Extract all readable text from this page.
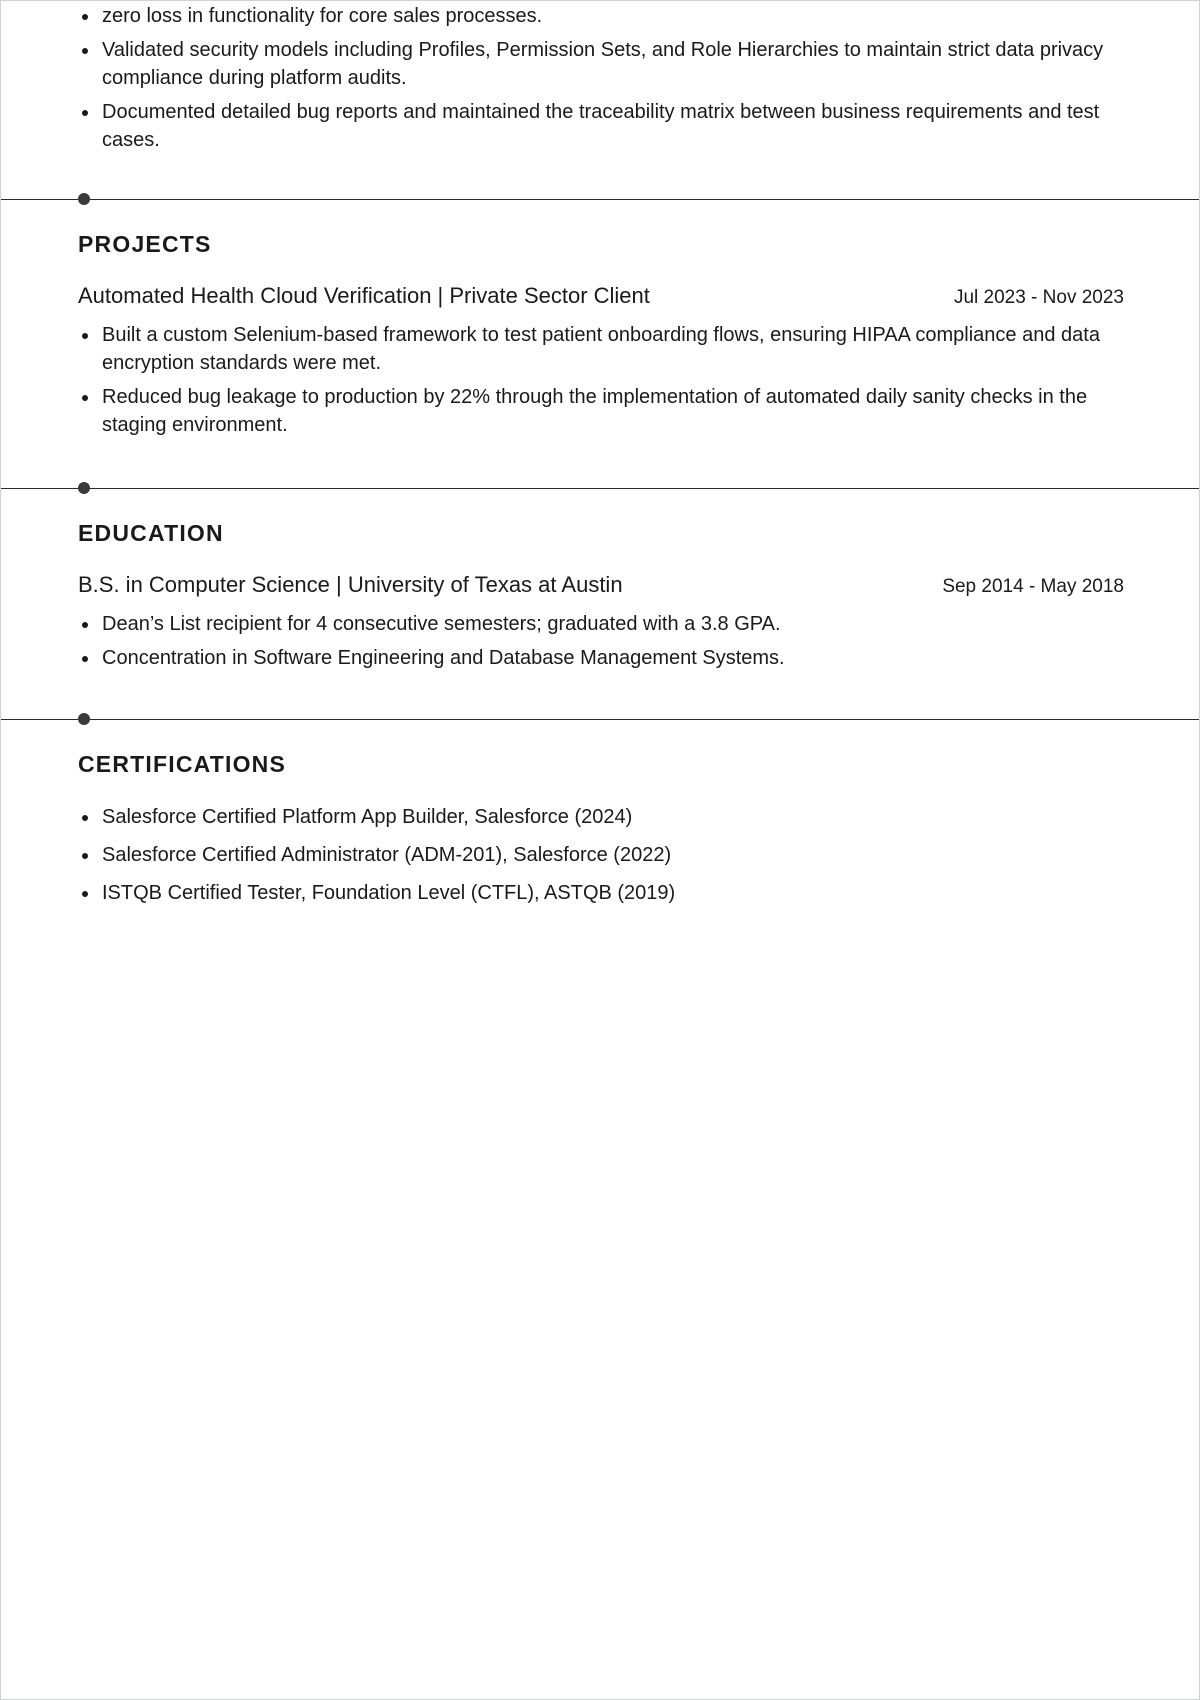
zero loss in functionality for core sales processes.
Validated security models including Profiles, Permission Sets, and Role Hierarchies to maintain strict data privacy compliance during platform audits.
Documented detailed bug reports and maintained the traceability matrix between business requirements and test cases.
PROJECTS
Automated Health Cloud Verification | Private Sector Client	Jul 2023 - Nov 2023
Built a custom Selenium-based framework to test patient onboarding flows, ensuring HIPAA compliance and data encryption standards were met.
Reduced bug leakage to production by 22% through the implementation of automated daily sanity checks in the staging environment.
EDUCATION
B.S. in Computer Science | University of Texas at Austin	Sep 2014 - May 2018
Dean’s List recipient for 4 consecutive semesters; graduated with a 3.8 GPA.
Concentration in Software Engineering and Database Management Systems.
CERTIFICATIONS
Salesforce Certified Platform App Builder, Salesforce (2024)
Salesforce Certified Administrator (ADM-201), Salesforce (2022)
ISTQB Certified Tester, Foundation Level (CTFL), ASTQB (2019)
